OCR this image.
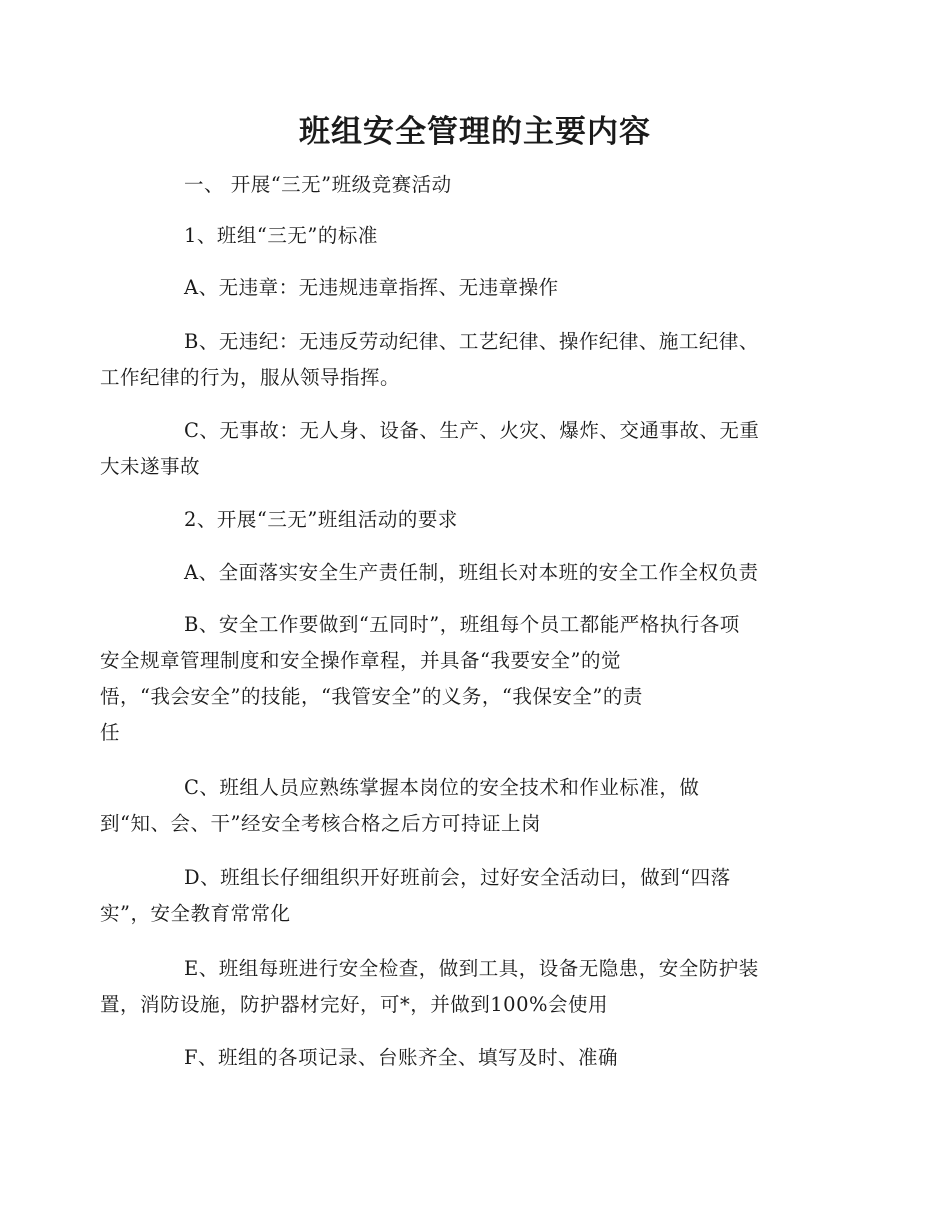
班组安全管理的主要内容
一、 开展“三无”班级竞赛活动
1、班组“三无”的标准
A、无违章：无违规违章指挥、无违章操作
B、无违纪：无违反劳动纪律、工艺纪律、操作纪律、施工纪律、
工作纪律的行为，服从领导指挥。
C、无事故：无人身、设备、生产、火灾、爆炸、交通事故、无重
大未遂事故
2、开展“三无”班组活动的要求
A、全面落实安全生产责任制，班组长对本班的安全工作全权负责
B、安全工作要做到“五同时”，班组每个员工都能严格执行各项
安全规章管理制度和安全操作章程，并具备“我要安全”的觉
悟，“我会安全”的技能，“我管安全”的义务，“我保安全”的责
任
C、班组人员应熟练掌握本岗位的安全技术和作业标准，做
到“知、会、干”经安全考核合格之后方可持证上岗
D、班组长仔细组织开好班前会，过好安全活动曰，做到“四落
实”，安全教育常常化
E、班组每班进行安全检查，做到工具，设备无隐患，安全防护装
置，消防设施，防护器材完好，可*，并做到100%会使用
F、班组的各项记录、台账齐全、填写及时、准确
